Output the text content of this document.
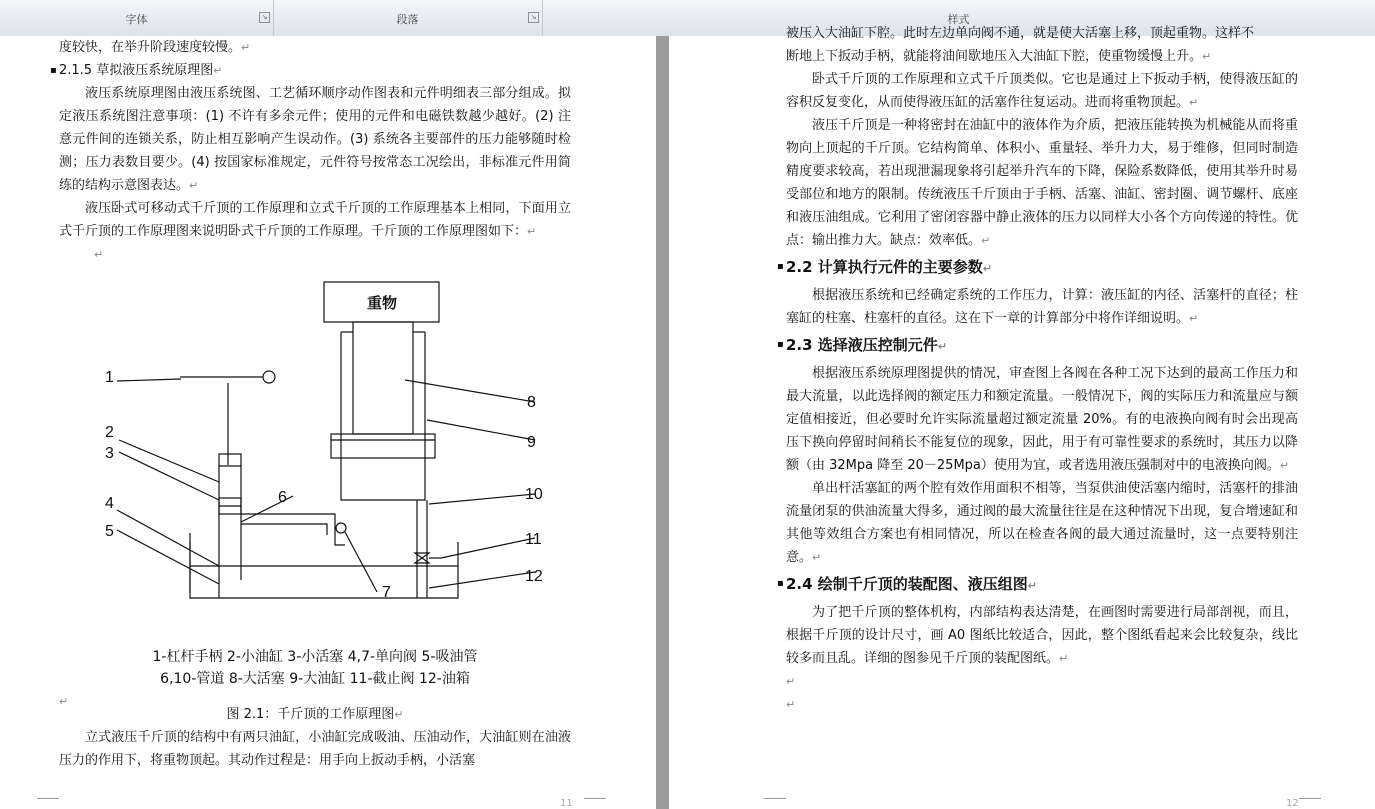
字体	↘	段落	↘	样式

度较快，在举升阶段速度较慢。↵

▪ 2.1.5 草拟液压系统原理图↵

液压系统原理图由液压系统图、工艺循环顺序动作图表和元件明细表三部分组成。拟定液压系统图注意事项：(1) 不许有多余元件；使用的元件和电磁铁数越少越好。(2) 注意元件间的连锁关系，防止相互影响产生误动作。(3) 系统各主要部件的压力能够随时检测；压力表数目要少。(4) 按国家标准规定，元件符号按常态工况绘出，非标准元件用简练的结构示意图表达。↵

液压卧式可移动式千斤顶的工作原理和立式千斤顶的工作原理基本上相同，下面用立式千斤顶的工作原理图来说明卧式千斤顶的工作原理。千斤顶的工作原理图如下：↵

↵

重物
1
2
3
4
5
6
7
8
9
10
11
12
1-杠杆手柄 2-小油缸 3-小活塞 4,7-单向阀 5-吸油管
6,10-管道 8-大活塞 9-大油缸 11-截止阀 12-油箱
↵
图 2.1：千斤顶的工作原理图↵

立式液压千斤顶的结构中有两只油缸，小油缸完成吸油、压油动作，大油缸则在油液压力的作用下，将重物顶起。其动作过程是：用手向上扳动手柄，小活塞

11

被压入大油缸下腔。此时左边单向阀不通，就是使大活塞上移，顶起重物。这样不

断地上下扳动手柄，就能将油间歇地压入大油缸下腔，使重物缓慢上升。↵

卧式千斤顶的工作原理和立式千斤顶类似。它也是通过上下扳动手柄，使得液压缸的容积反复变化，从而使得液压缸的活塞作往复运动。进而将重物顶起。↵

液压千斤顶是一种将密封在油缸中的液体作为介质，把液压能转换为机械能从而将重物向上顶起的千斤顶。它结构简单、体积小、重量轻、举升力大，易于维修，但同时制造精度要求较高，若出现泄漏现象将引起举升汽车的下降，保险系数降低，使用其举升时易受部位和地方的限制。传统液压千斤顶由于手柄、活塞、油缸、密封圈、调节螺杆、底座和液压油组成。它利用了密闭容器中静止液体的压力以同样大小各个方向传递的特性。优点：输出推力大。缺点：效率低。↵

▪ 2.2 计算执行元件的主要参数↵

根据液压系统和已经确定系统的工作压力，计算：液压缸的内径、活塞杆的直径；柱塞缸的柱塞、柱塞杆的直径。这在下一章的计算部分中将作详细说明。↵

▪ 2.3 选择液压控制元件↵

根据液压系统原理图提供的情况，审查图上各阀在各种工况下达到的最高工作压力和最大流量，以此选择阀的额定压力和额定流量。一般情况下，阀的实际压力和流量应与额定值相接近，但必要时允许实际流量超过额定流量 20%。有的电液换向阀有时会出现高压下换向停留时间稍长不能复位的现象，因此，用于有可靠性要求的系统时，其压力以降额（由 32Mpa 降至 20－25Mpa）使用为宜，或者选用液压强制对中的电液换向阀。↵

单出杆活塞缸的两个腔有效作用面积不相等，当泵供油使活塞内缩时，活塞杆的排油流量闭泵的供油流量大得多，通过阀的最大流量往往是在这种情况下出现，复合增速缸和其他等效组合方案也有相同情况，所以在检查各阀的最大通过流量时，这一点要特别注意。↵

▪ 2.4 绘制千斤顶的装配图、液压组图↵

为了把千斤顶的整体机构，内部结构表达清楚，在画图时需要进行局部剖视，而且，根据千斤顶的设计尺寸，画 A0 图纸比较适合，因此，整个图纸看起来会比较复杂，线比较多而且乱。详细的图参见千斤顶的装配图纸。↵

↵

↵

12
